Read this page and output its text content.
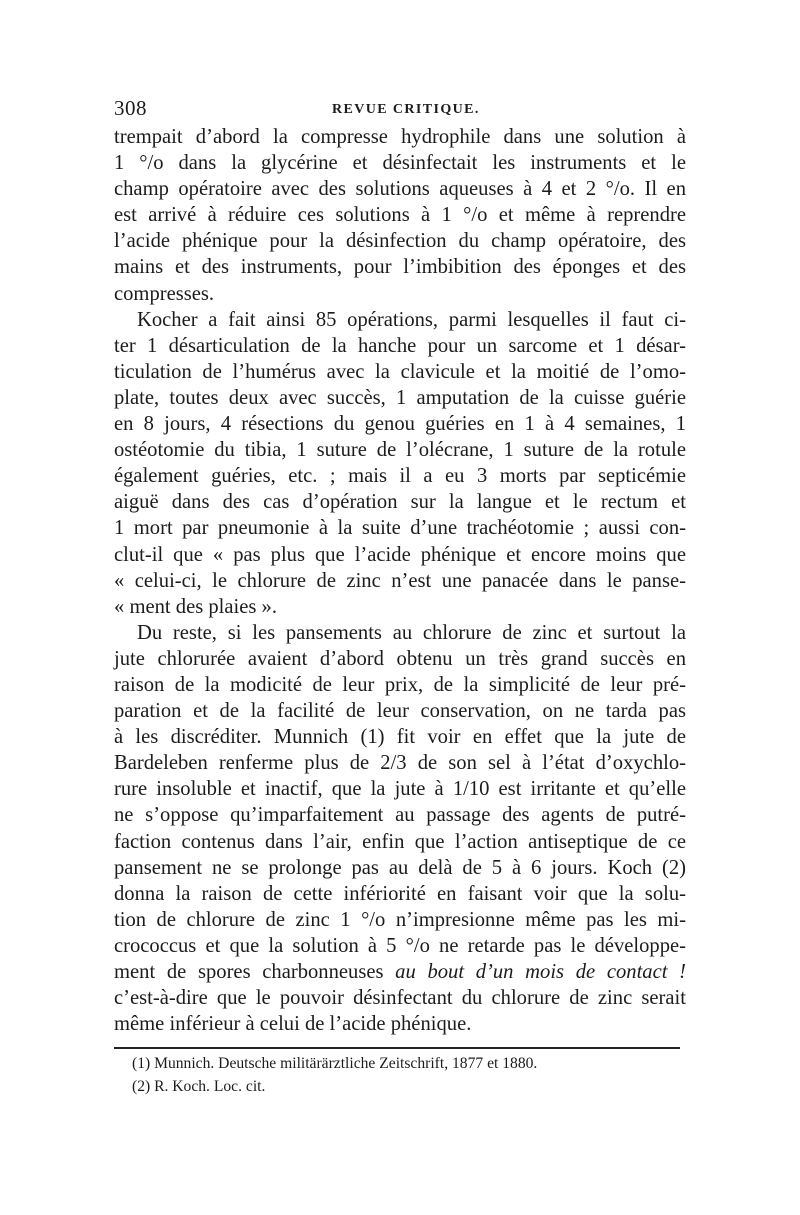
308	REVUE CRITIQUE.
trempait d’abord la compresse hydrophile dans une solution à
1 °/o dans la glycérine et désinfectait les instruments et le
champ opératoire avec des solutions aqueuses à 4 et 2 °/o. Il en
est arrivé à réduire ces solutions à 1 °/o et même à reprendre
l’acide phénique pour la désinfection du champ opératoire, des
mains et des instruments, pour l’imbibition des éponges et des
compresses.
Kocher a fait ainsi 85 opérations, parmi lesquelles il faut ci-
ter 1 désarticulation de la hanche pour un sarcome et 1 désar-
ticulation de l’humérus avec la clavicule et la moitié de l’omo-
plate, toutes deux avec succès, 1 amputation de la cuisse guérie
en 8 jours, 4 résections du genou guéries en 1 à 4 semaines, 1
ostéotomie du tibia, 1 suture de l’olécrane, 1 suture de la rotule
également guéries, etc. ; mais il a eu 3 morts par septicémie
aiguë dans des cas d’opération sur la langue et le rectum et
1 mort par pneumonie à la suite d’une trachéotomie ; aussi con-
clut-il que « pas plus que l’acide phénique et encore moins que
« celui-ci, le chlorure de zinc n’est une panacée dans le panse-
« ment des plaies ».
Du reste, si les pansements au chlorure de zinc et surtout la
jute chlorurée avaient d’abord obtenu un très grand succès en
raison de la modicité de leur prix, de la simplicité de leur pré-
paration et de la facilité de leur conservation, on ne tarda pas
à les discréditer. Munnich (1) fit voir en effet que la jute de
Bardeleben renferme plus de 2/3 de son sel à l’état d’oxychlo-
rure insoluble et inactif, que la jute à 1/10 est irritante et qu’elle
ne s’oppose qu’imparfaitement au passage des agents de putré-
faction contenus dans l’air, enfin que l’action antiseptique de ce
pansement ne se prolonge pas au delà de 5 à 6 jours. Koch (2)
donna la raison de cette infériorité en faisant voir que la solu-
tion de chlorure de zinc 1 °/o n’impresionne même pas les mi-
crococcus et que la solution à 5 °/o ne retarde pas le développe-
ment de spores charbonneuses au bout d’un mois de contact !
c’est-à-dire que le pouvoir désinfectant du chlorure de zinc serait
même inférieur à celui de l’acide phénique.
(1) Munnich. Deutsche militärärztliche Zeitschrift, 1877 et 1880.
(2) R. Koch. Loc. cit.
